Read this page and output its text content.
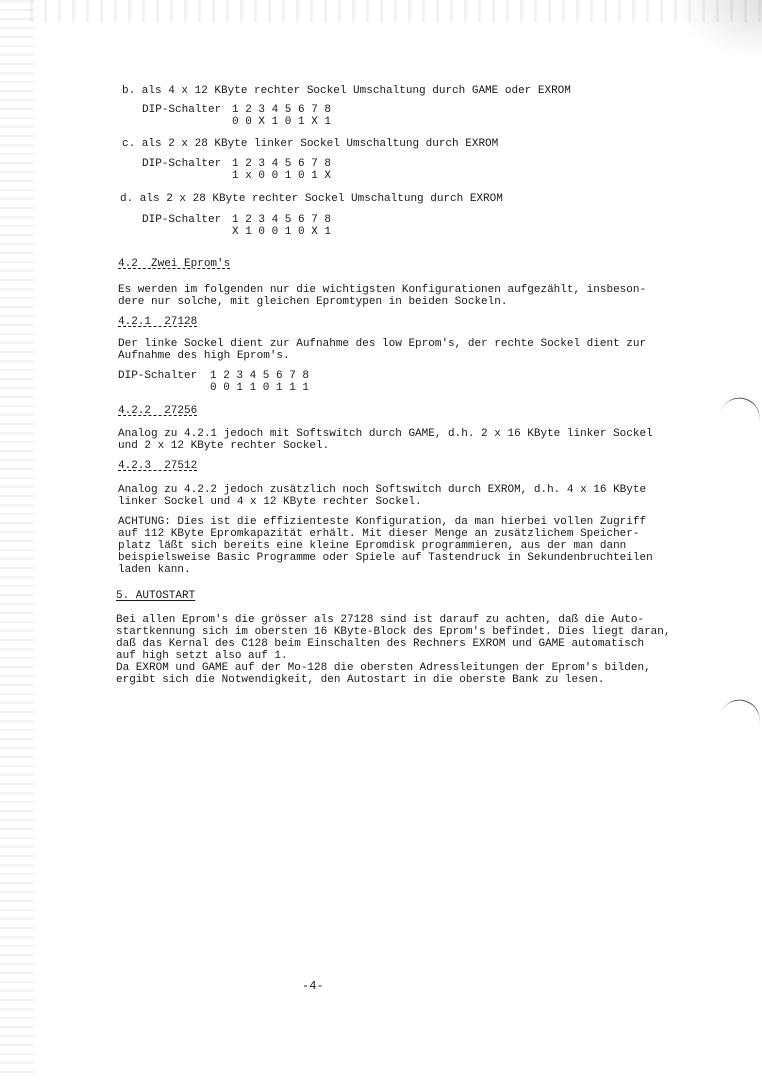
b. als 4 x 12 KByte rechter Sockel Umschaltung durch GAME oder EXROM
DIP-Schalter 1 2 3 4 5 6 7 8
0 0 X 1 0 1 X 1
c. als 2 x 28 KByte linker Sockel Umschaltung durch EXROM
DIP-Schalter 1 2 3 4 5 6 7 8
1 x 0 0 1 0 1 X
d. als 2 x 28 KByte rechter Sockel Umschaltung durch EXROM
DIP-Schalter 1 2 3 4 5 6 7 8
X 1 0 0 1 0 X 1
4.2  Zwei Eprom's
Es werden im folgenden nur die wichtigsten Konfigurationen aufgezählt, insbeson-
dere nur solche, mit gleichen Epromtypen in beiden Sockeln.
4.2.1  27128
Der linke Sockel dient zur Aufnahme des low Eprom's, der rechte Sockel dient zur
Aufnahme des high Eprom's.
DIP-Schalter 1 2 3 4 5 6 7 8
0 0 1 1 0 1 1 1
4.2.2  27256
Analog zu 4.2.1 jedoch mit Softswitch durch GAME, d.h. 2 x 16 KByte linker Sockel
und 2 x 12 KByte rechter Sockel.
4.2.3  27512
Analog zu 4.2.2 jedoch zusätzlich noch Softswitch durch EXROM, d.h. 4 x 16 KByte
linker Sockel und 4 x 12 KByte rechter Sockel.
ACHTUNG: Dies ist die effizienteste Konfiguration, da man hierbei vollen Zugriff
auf 112 KByte Epromkapazität erhält. Mit dieser Menge an zusätzlichem Speicher-
platz läßt sich bereits eine kleine Epromdisk programmieren, aus der man dann
beispielsweise Basic Programme oder Spiele auf Tastendruck in Sekundenbruchteilen
laden kann.
5. AUTOSTART
Bei allen Eprom's die grösser als 27128 sind ist darauf zu achten, daß die Auto-
startkennung sich im obersten 16 KByte-Block des Eprom's befindet. Dies liegt daran,
daß das Kernal des C128 beim Einschalten des Rechners EXROM und GAME automatisch
auf high setzt also auf 1.
Da EXROM und GAME auf der Mo-128 die obersten Adressleitungen der Eprom's bilden,
ergibt sich die Notwendigkeit, den Autostart in die oberste Bank zu lesen.
-4-
